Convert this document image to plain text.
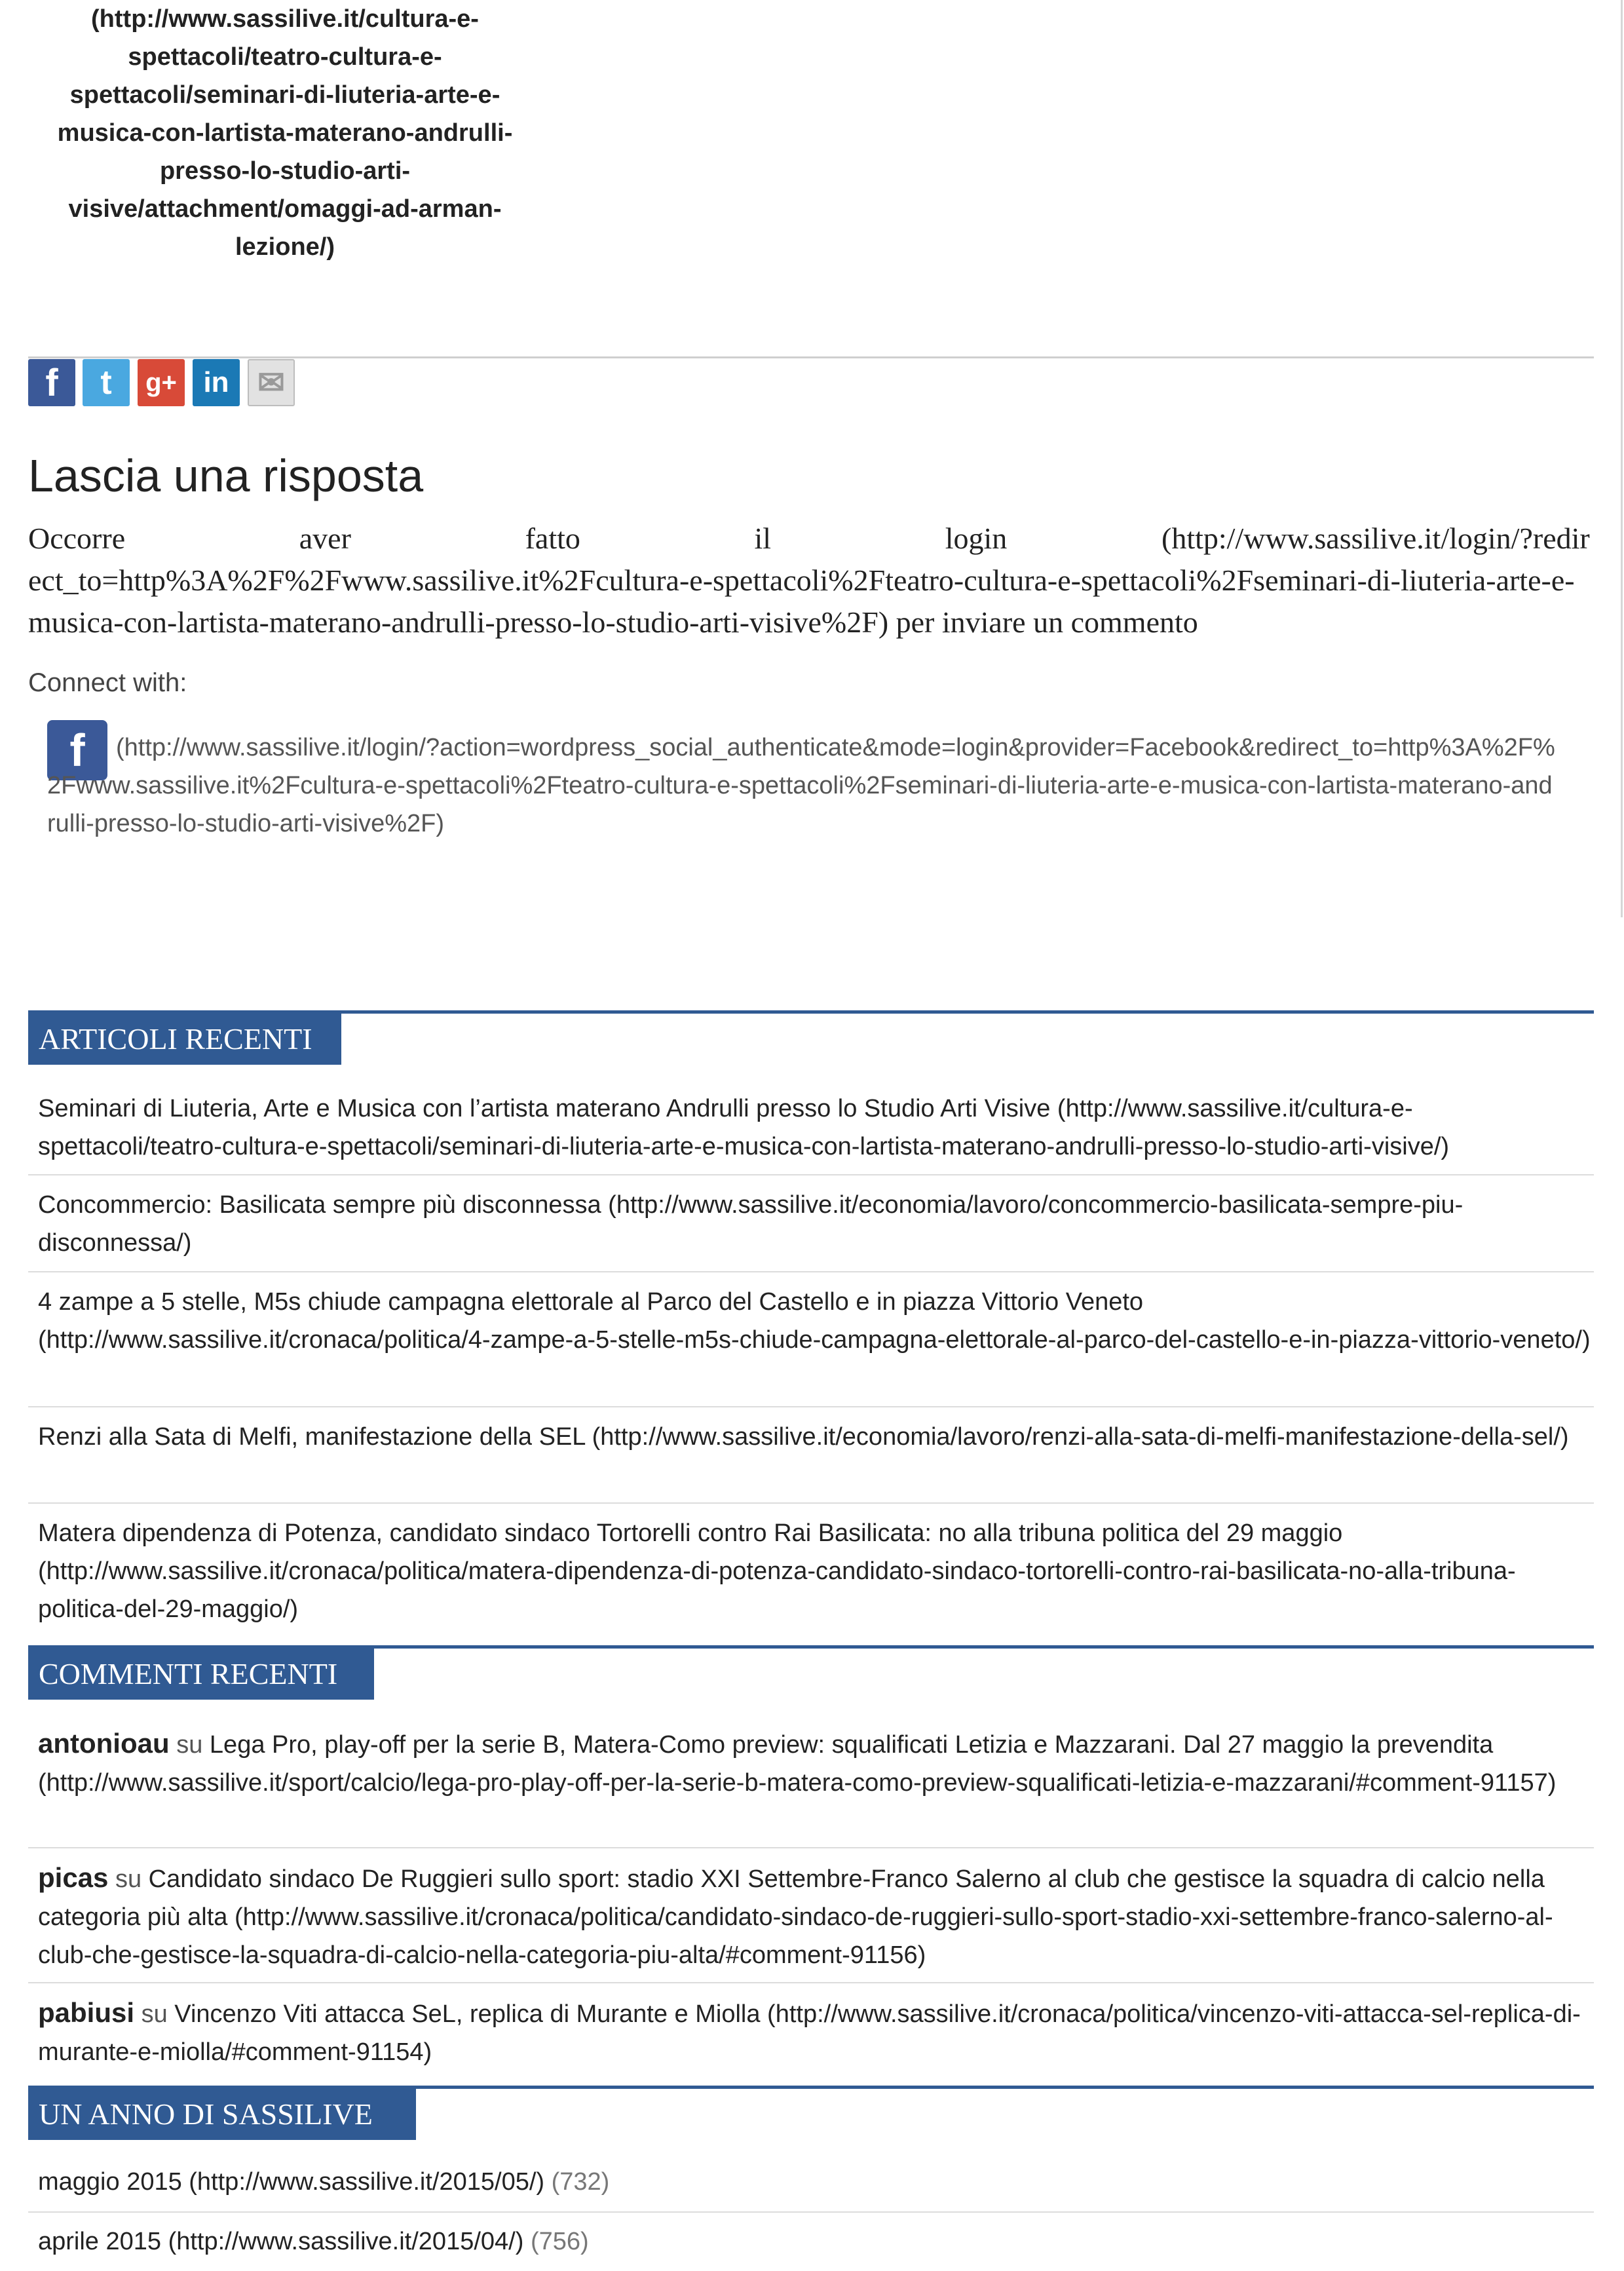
(http://www.sassilive.it/cultura-e-
spettacoli/teatro-cultura-e-
spettacoli/seminari-di-liuteria-arte-e-
musica-con-lartista-materano-andrulli-
presso-lo-studio-arti-
visive/attachment/omaggi-ad-arman-
lezione/)
f t g+ in ✉
Lascia una risposta
Occorre	aver	fatto	il	login	(http://www.sassilive.it/login/?redirect_to=http%3A%2F%2Fwww.sassilive.it%2Fcultura-e-spettacoli%2Fteatro-cultura-e-spettacoli%2Fseminari-di-liuteria-arte-e-musica-con-lartista-materano-andrulli-presso-lo-studio-arti-visive%2F) per inviare un commento
Connect with:
f	(http://www.sassilive.it/login/?action=wordpress_social_authenticate&mode=login&provider=Facebook&redirect_to=http%3A%2F%2Fwww.sassilive.it%2Fcultura-e-spettacoli%2Fteatro-cultura-e-spettacoli%2Fseminari-di-liuteria-arte-e-musica-con-lartista-materano-andrulli-presso-lo-studio-arti-visive%2F)
ARTICOLI RECENTI
Seminari di Liuteria, Arte e Musica con l’artista materano Andrulli presso lo Studio Arti Visive (http://www.sassilive.it/cultura-e-spettacoli/teatro-cultura-e-spettacoli/seminari-di-liuteria-arte-e-musica-con-lartista-materano-andrulli-presso-lo-studio-arti-visive/)
Concommercio: Basilicata sempre più disconnessa (http://www.sassilive.it/economia/lavoro/concommercio-basilicata-sempre-piu-disconnessa/)
4 zampe a 5 stelle, M5s chiude campagna elettorale al Parco del Castello e in piazza Vittorio Veneto (http://www.sassilive.it/cronaca/politica/4-zampe-a-5-stelle-m5s-chiude-campagna-elettorale-al-parco-del-castello-e-in-piazza-vittorio-veneto/)
Renzi alla Sata di Melfi, manifestazione della SEL (http://www.sassilive.it/economia/lavoro/renzi-alla-sata-di-melfi-manifestazione-della-sel/)
Matera dipendenza di Potenza, candidato sindaco Tortorelli contro Rai Basilicata: no alla tribuna politica del 29 maggio (http://www.sassilive.it/cronaca/politica/matera-dipendenza-di-potenza-candidato-sindaco-tortorelli-contro-rai-basilicata-no-alla-tribuna-politica-del-29-maggio/)
COMMENTI RECENTI
antonioau su Lega Pro, play-off per la serie B, Matera-Como preview: squalificati Letizia e Mazzarani. Dal 27 maggio la prevendita (http://www.sassilive.it/sport/calcio/lega-pro-play-off-per-la-serie-b-matera-como-preview-squalificati-letizia-e-mazzarani/#comment-91157)
picas su Candidato sindaco De Ruggieri sullo sport: stadio XXI Settembre-Franco Salerno al club che gestisce la squadra di calcio nella categoria più alta (http://www.sassilive.it/cronaca/politica/candidato-sindaco-de-ruggieri-sullo-sport-stadio-xxi-settembre-franco-salerno-al-club-che-gestisce-la-squadra-di-calcio-nella-categoria-piu-alta/#comment-91156)
pabiusi su Vincenzo Viti attacca SeL, replica di Murante e Miolla (http://www.sassilive.it/cronaca/politica/vincenzo-viti-attacca-sel-replica-di-murante-e-miolla/#comment-91154)
UN ANNO DI SASSILIVE
maggio 2015 (http://www.sassilive.it/2015/05/) (732)
aprile 2015 (http://www.sassilive.it/2015/04/) (756)
